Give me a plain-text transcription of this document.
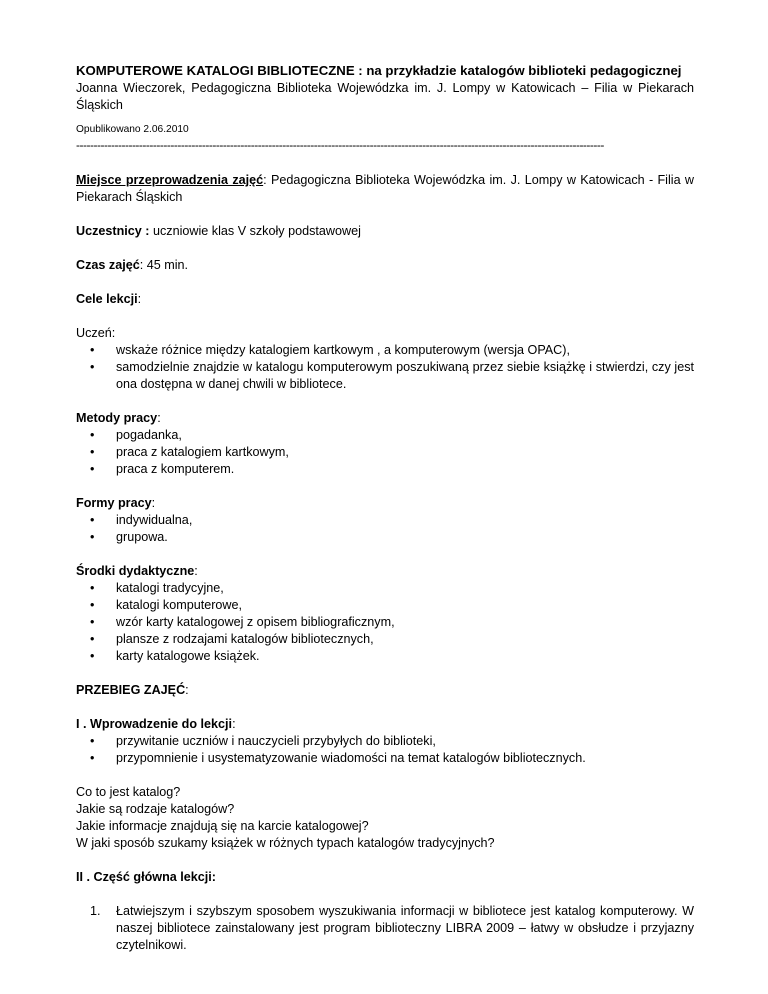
KOMPUTEROWE KATALOGI BIBLIOTECZNE : na przykładzie katalogów biblioteki pedagogicznej

Joanna Wieczorek, Pedagogiczna Biblioteka Wojewódzka im. J. Lompy w Katowicach – Filia w Piekarach Śląskich

Opublikowano 2.06.2010

-------------------------------------------------------------------------------------------------------------------------------------------------------

Miejsce przeprowadzenia zajęć: Pedagogiczna Biblioteka Wojewódzka im. J. Lompy w Katowicach - Filia w Piekarach Śląskich

Uczestnicy : uczniowie klas V szkoły podstawowej

Czas zajęć: 45 min.

Cele lekcji:

Uczeń:

•	wskaże różnice między katalogiem kartkowym , a komputerowym (wersja OPAC),
•	samodzielnie znajdzie w katalogu komputerowym poszukiwaną przez siebie książkę i stwierdzi, czy jest ona dostępna w danej chwili w bibliotece.

Metody pracy:

•	pogadanka,
•	praca z katalogiem kartkowym,
•	praca z komputerem.

Formy pracy:

•	indywidualna,
•	grupowa.

Środki dydaktyczne:

•	katalogi tradycyjne,
•	katalogi komputerowe,
•	wzór karty katalogowej z opisem bibliograficznym,
•	plansze z rodzajami katalogów bibliotecznych,
•	karty katalogowe książek.

PRZEBIEG ZAJĘĆ:

I . Wprowadzenie do lekcji:

•	przywitanie uczniów i nauczycieli przybyłych do biblioteki,
•	przypomnienie i usystematyzowanie wiadomości na temat katalogów bibliotecznych.

Co to jest katalog?

Jakie są rodzaje katalogów?

Jakie informacje znajdują się na karcie katalogowej?

W jaki sposób szukamy książek w różnych typach katalogów tradycyjnych?

II . Część główna lekcji:

1. Łatwiejszym i szybszym sposobem wyszukiwania informacji w bibliotece jest katalog komputerowy. W naszej bibliotece zainstalowany jest program biblioteczny LIBRA 2009 – łatwy w obsłudze i przyjazny czytelnikowi.
